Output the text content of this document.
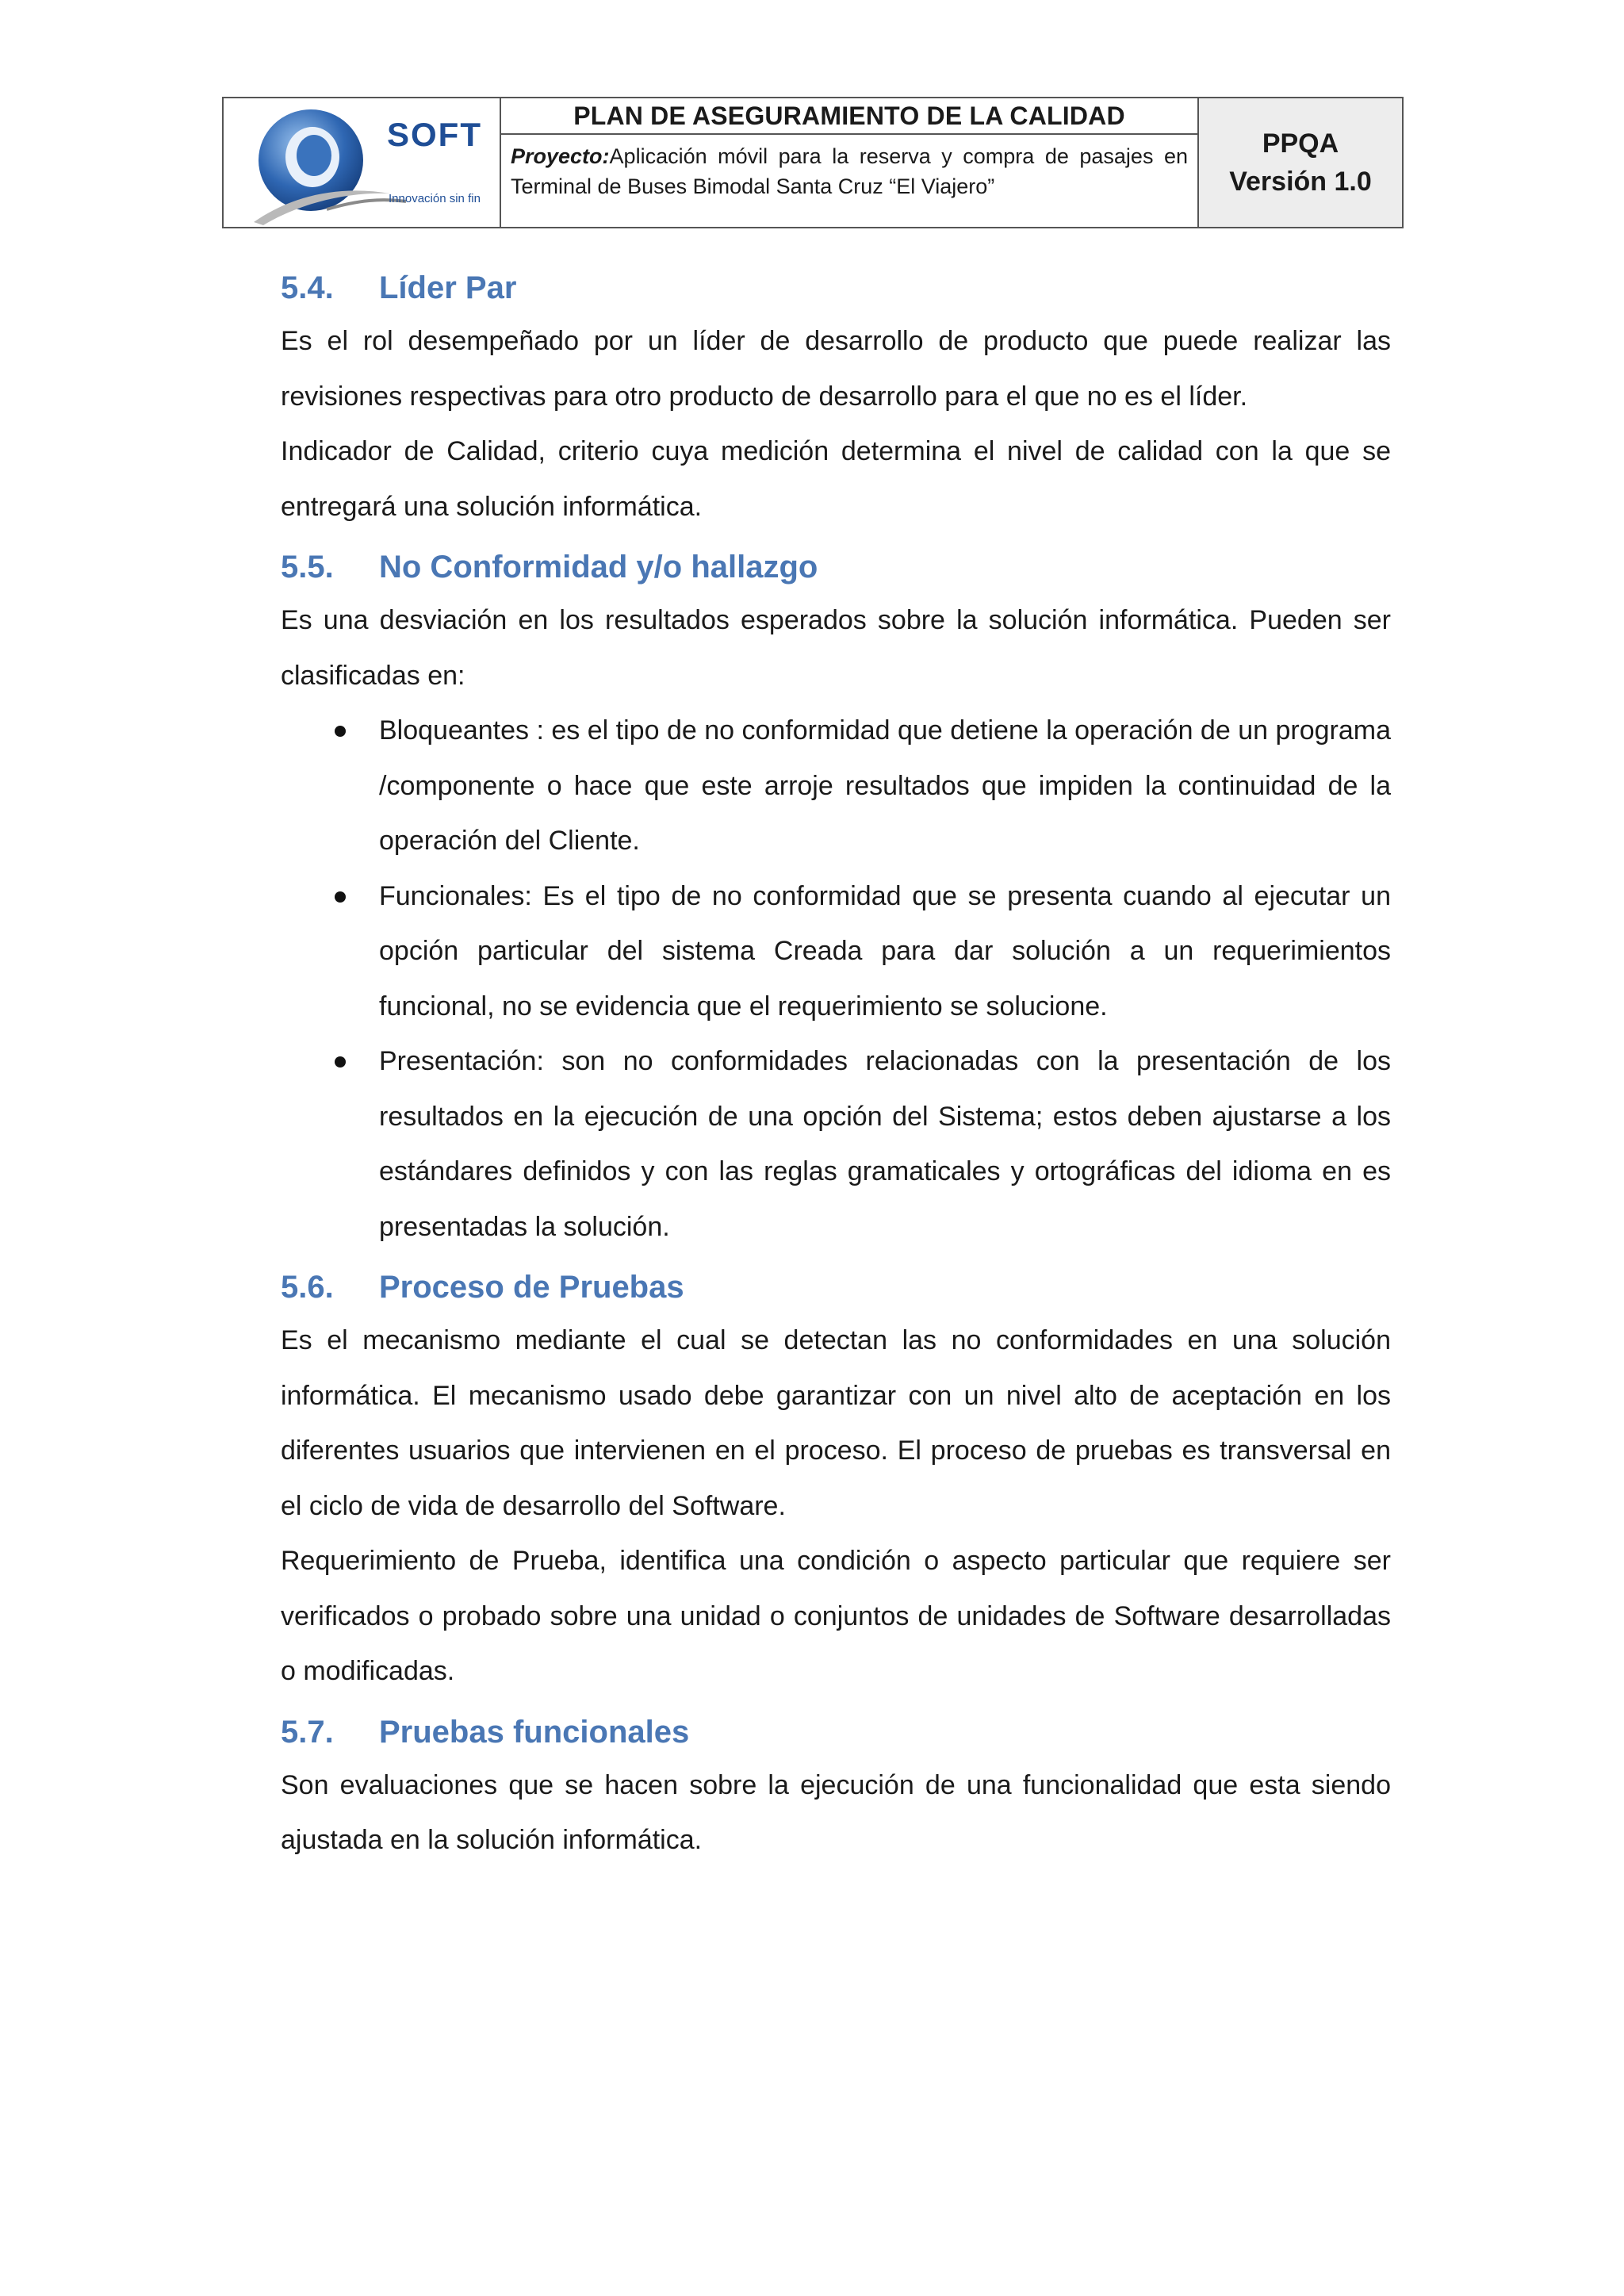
SOFT
Innovación sin fin
PLAN DE ASEGURAMIENTO DE LA CALIDAD
Proyecto:Aplicación móvil para la reserva y compra de pasajes en Terminal de Buses Bimodal Santa Cruz “El Viajero”
PPQA
Versión 1.0
5.4.	Líder Par

Es el rol desempeñado por un líder de desarrollo de producto que puede realizar las revisiones respectivas para otro producto de desarrollo para el que no es el líder.

Indicador de Calidad, criterio cuya medición determina el nivel de calidad con la que se entregará una solución informática.

5.5.	No Conformidad y/o hallazgo

Es una desviación en los resultados esperados sobre la solución informática. Pueden ser clasificadas en:

Bloqueantes : es el tipo de no conformidad que detiene la operación de un programa /componente o hace que este arroje resultados que impiden la continuidad de la operación del Cliente.
Funcionales: Es el tipo de no conformidad que se presenta cuando al ejecutar un opción particular del sistema Creada para dar solución a un requerimientos funcional, no se evidencia que el requerimiento se solucione.
Presentación: son no conformidades relacionadas con la presentación de los resultados en la ejecución de una opción del Sistema; estos deben ajustarse a los estándares definidos y con las reglas gramaticales y ortográficas del idioma en es presentadas la solución.
5.6.	Proceso de Pruebas

Es el mecanismo mediante el cual se detectan las no conformidades en una solución informática. El mecanismo usado debe garantizar con un nivel alto de aceptación en los diferentes usuarios que intervienen en el proceso. El proceso de pruebas es transversal en el ciclo de vida de desarrollo del Software.

Requerimiento de Prueba, identifica una condición o aspecto particular que requiere ser verificados o probado sobre una unidad o conjuntos de unidades de Software desarrolladas o modificadas.

5.7.	Pruebas funcionales

Son evaluaciones que se hacen sobre la ejecución de una funcionalidad que esta siendo ajustada en la solución informática.
